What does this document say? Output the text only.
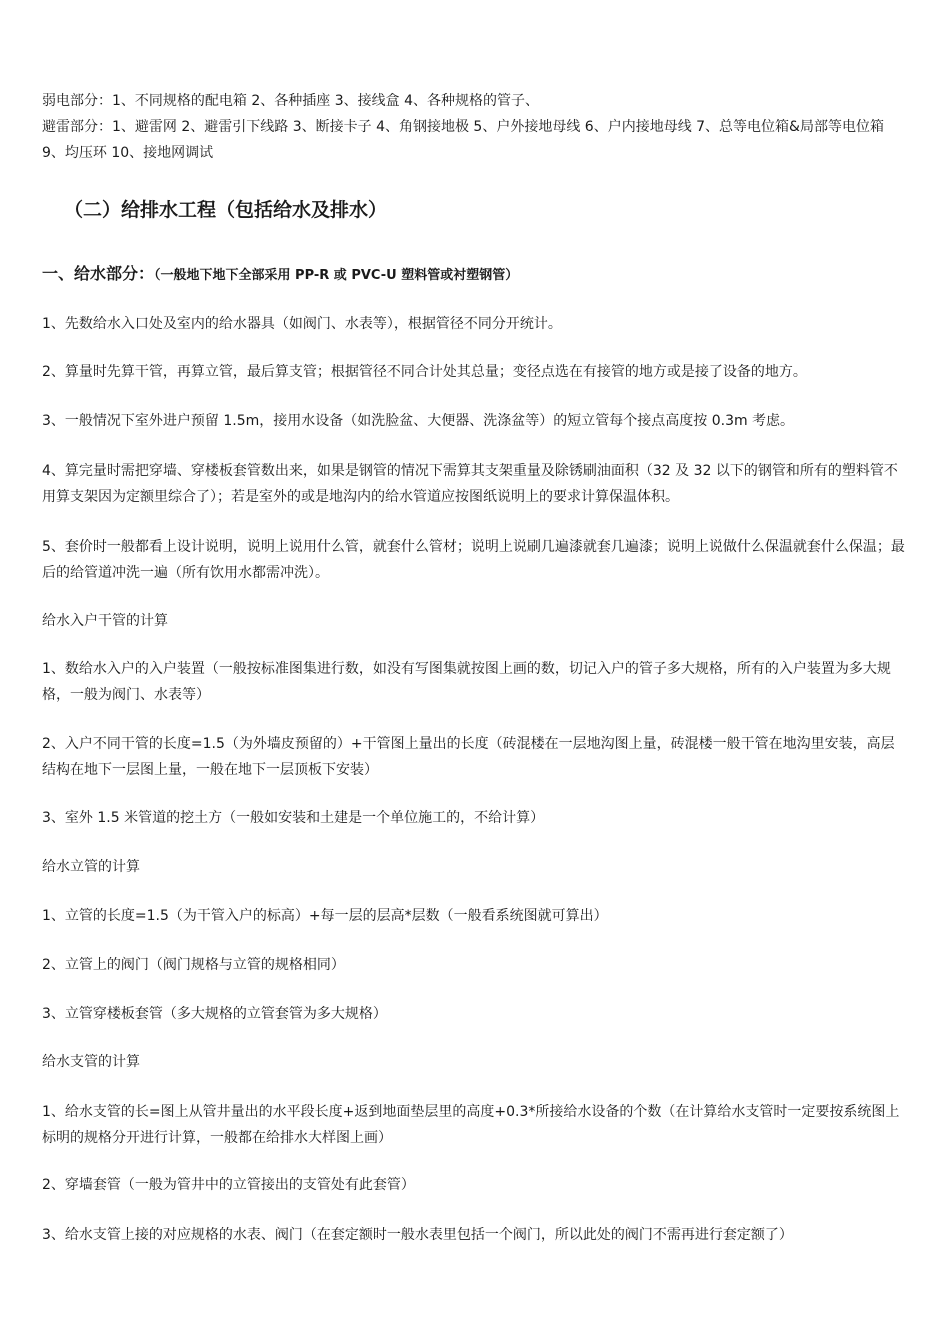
弱电部分：1、不同规格的配电箱 2、各种插座 3、接线盒 4、各种规格的管子、

避雷部分：1、避雷网 2、避雷引下线路 3、断接卡子 4、角钢接地极 5、户外接地母线 6、户内接地母线 7、总等电位箱&局部等电位箱 9、均压环 10、接地网调试

（二）给排水工程（包括给水及排水）
一、给水部分：（一般地下地下全部采用 PP-R 或 PVC-U 塑料管或衬塑钢管）

1、先数给水入口处及室内的给水器具（如阀门、水表等），根据管径不同分开统计。

2、算量时先算干管，再算立管，最后算支管；根据管径不同合计处其总量；变径点选在有接管的地方或是接了设备的地方。

3、一般情况下室外进户预留 1.5m，接用水设备（如洗脸盆、大便器、洗涤盆等）的短立管每个接点高度按 0.3m 考虑。

4、算完量时需把穿墙、穿楼板套管数出来，如果是钢管的情况下需算其支架重量及除锈刷油面积（32 及 32 以下的钢管和所有的塑料管不用算支架因为定额里综合了）；若是室外的或是地沟内的给水管道应按图纸说明上的要求计算保温体积。

5、套价时一般都看上设计说明，说明上说用什么管，就套什么管材；说明上说刷几遍漆就套几遍漆；说明上说做什么保温就套什么保温；最后的给管道冲洗一遍（所有饮用水都需冲洗）。

给水入户干管的计算

1、数给水入户的入户装置（一般按标准图集进行数，如没有写图集就按图上画的数，切记入户的管子多大规格，所有的入户装置为多大规格，一般为阀门、水表等）

2、入户不同干管的长度=1.5（为外墙皮预留的）+干管图上量出的长度（砖混楼在一层地沟图上量，砖混楼一般干管在地沟里安装，高层结构在地下一层图上量，一般在地下一层顶板下安装）

3、室外 1.5 米管道的挖土方（一般如安装和土建是一个单位施工的，不给计算）

给水立管的计算

1、立管的长度=1.5（为干管入户的标高）+每一层的层高*层数（一般看系统图就可算出）

2、立管上的阀门（阀门规格与立管的规格相同）

3、立管穿楼板套管（多大规格的立管套管为多大规格）

给水支管的计算

1、给水支管的长=图上从管井量出的水平段长度+返到地面垫层里的高度+0.3*所接给水设备的个数（在计算给水支管时一定要按系统图上标明的规格分开进行计算，一般都在给排水大样图上画）

2、穿墙套管（一般为管井中的立管接出的支管处有此套管）

3、给水支管上接的对应规格的水表、阀门（在套定额时一般水表里包括一个阀门，所以此处的阀门不需再进行套定额了）
